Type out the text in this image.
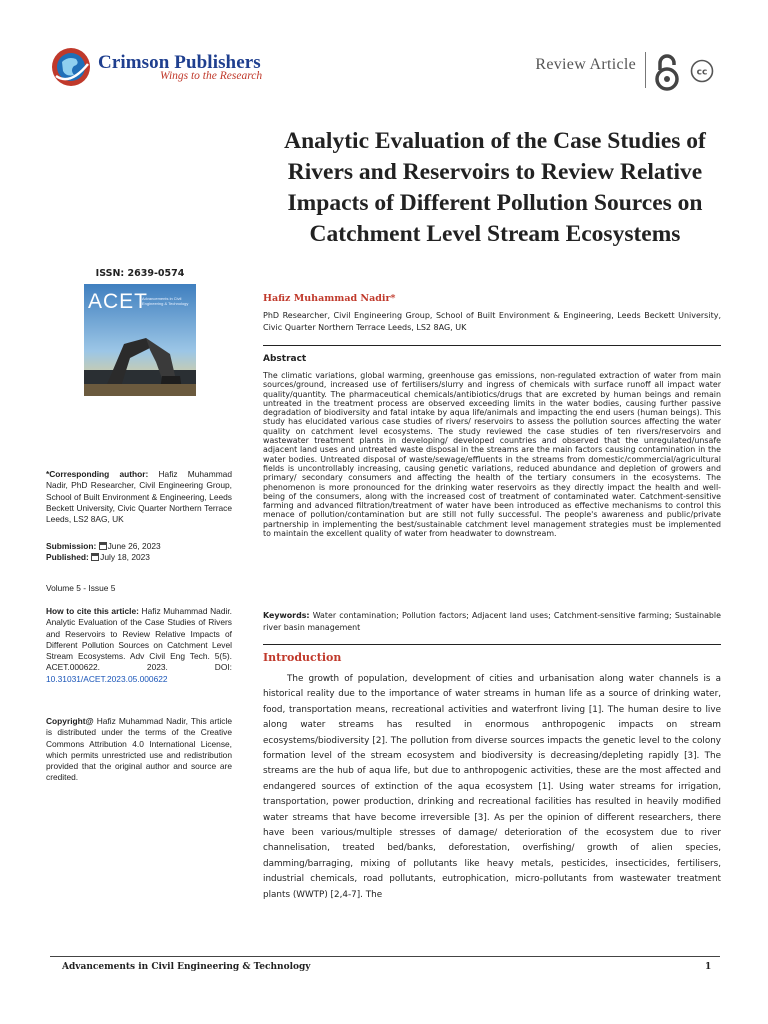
Crimson Publishers
Wings to the Research
Review Article	cc
Analytic Evaluation of the Case Studies of Rivers and Reservoirs to Review Relative Impacts of Different Pollution Sources on Catchment Level Stream Ecosystems
ISSN: 2639-0574
ACET
Advancements in Civil Engineering & Technology
*Corresponding author: Hafiz Muhammad Nadir, PhD Researcher, Civil Engineering Group, School of Built Environment & Engineering, Leeds Beckett University, Civic Quarter Northern Terrace Leeds, LS2 8AG, UK
Submission: June 26, 2023
Published: July 18, 2023
Volume 5 - Issue 5
How to cite this article: Hafiz Muhammad Nadir. Analytic Evaluation of the Case Studies of Rivers and Reservoirs to Review Relative Impacts of Different Pollution Sources on Catchment Level Stream Ecosystems. Adv Civil Eng Tech. 5(5). ACET.000622. 2023.	DOI: 10.31031/ACET.2023.05.000622
Copyright@ Hafiz Muhammad Nadir, This article is distributed under the terms of the Creative Commons Attribution 4.0 International License, which permits unrestricted use and redistribution provided that the original author and source are credited.
Hafiz Muhammad Nadir*
PhD Researcher, Civil Engineering Group, School of Built Environment & Engineering, Leeds Beckett University, Civic Quarter Northern Terrace Leeds, LS2 8AG, UK
Abstract
The climatic variations, global warming, greenhouse gas emissions, non-regulated extraction of water from main sources/ground, increased use of fertilisers/slurry and ingress of chemicals with surface runoff all impact water quality/quantity. The pharmaceutical chemicals/antibiotics/drugs that are excreted by human beings and remain untreated in the treatment process are observed exceeding limits in the water bodies, causing further passive degradation of biodiversity and fatal intake by aqua life/animals and impacting the end users (human beings). This study has elucidated various case studies of rivers/ reservoirs to assess the pollution sources affecting the water quality on catchment level ecosystems. The study reviewed the case studies of ten rivers/reservoirs and wastewater treatment plants in developing/ developed countries and observed that the unregulated/unsafe adjacent land uses and untreated waste disposal in the streams are the main factors causing contamination in the water bodies. Untreated disposal of waste/sewage/effluents in the streams from domestic/commercial/agricultural fields is uncontrollably increasing, causing genetic variations, reduced abundance and depletion of growers and primary/ secondary consumers and affecting the health of the tertiary consumers in the ecosystems. The phenomenon is more pronounced for the drinking water reservoirs as they directly impact the health and well-being of the consumers, along with the increased cost of treatment of contaminated water. Catchment-sensitive farming and advanced filtration/treatment of water have been introduced as effective mechanisms to control this menace of pollution/contamination but are still not fully successful. The people's awareness and public/private partnership in implementing the best/sustainable catchment level management strategies must be implemented to maintain the excellent quality of water from headwater to downstream.
Keywords: Water contamination; Pollution factors; Adjacent land uses; Catchment-sensitive farming; Sustainable river basin management
Introduction
The growth of population, development of cities and urbanisation along water channels is a historical reality due to the importance of water streams in human life as a source of drinking water, food, transportation means, recreational activities and waterfront living [1]. The human desire to live along water streams has resulted in enormous anthropogenic impacts on stream ecosystems/biodiversity [2]. The pollution from diverse sources impacts the genetic level to the colony formation level of the stream ecosystem and biodiversity is decreasing/depleting rapidly [3]. The streams are the hub of aqua life, but due to anthropogenic activities, these are the most affected and endangered sources of extinction of the aqua ecosystem [1]. Using water streams for irrigation, transportation, power production, drinking and recreational facilities has resulted in heavily modified water streams that have become irreversible [3]. As per the opinion of different researchers, there have been various/multiple stresses of damage/ deterioration of the ecosystem due to river channelisation, treated bed/banks, deforestation, overfishing/ growth of alien species, damming/barraging, mixing of pollutants like heavy metals, pesticides, insecticides, fertilisers, industrial chemicals, road pollutants, eutrophication, micro-pollutants from wastewater treatment plants (WWTP) [2,4-7]. The
Advancements in Civil Engineering & Technology	1
